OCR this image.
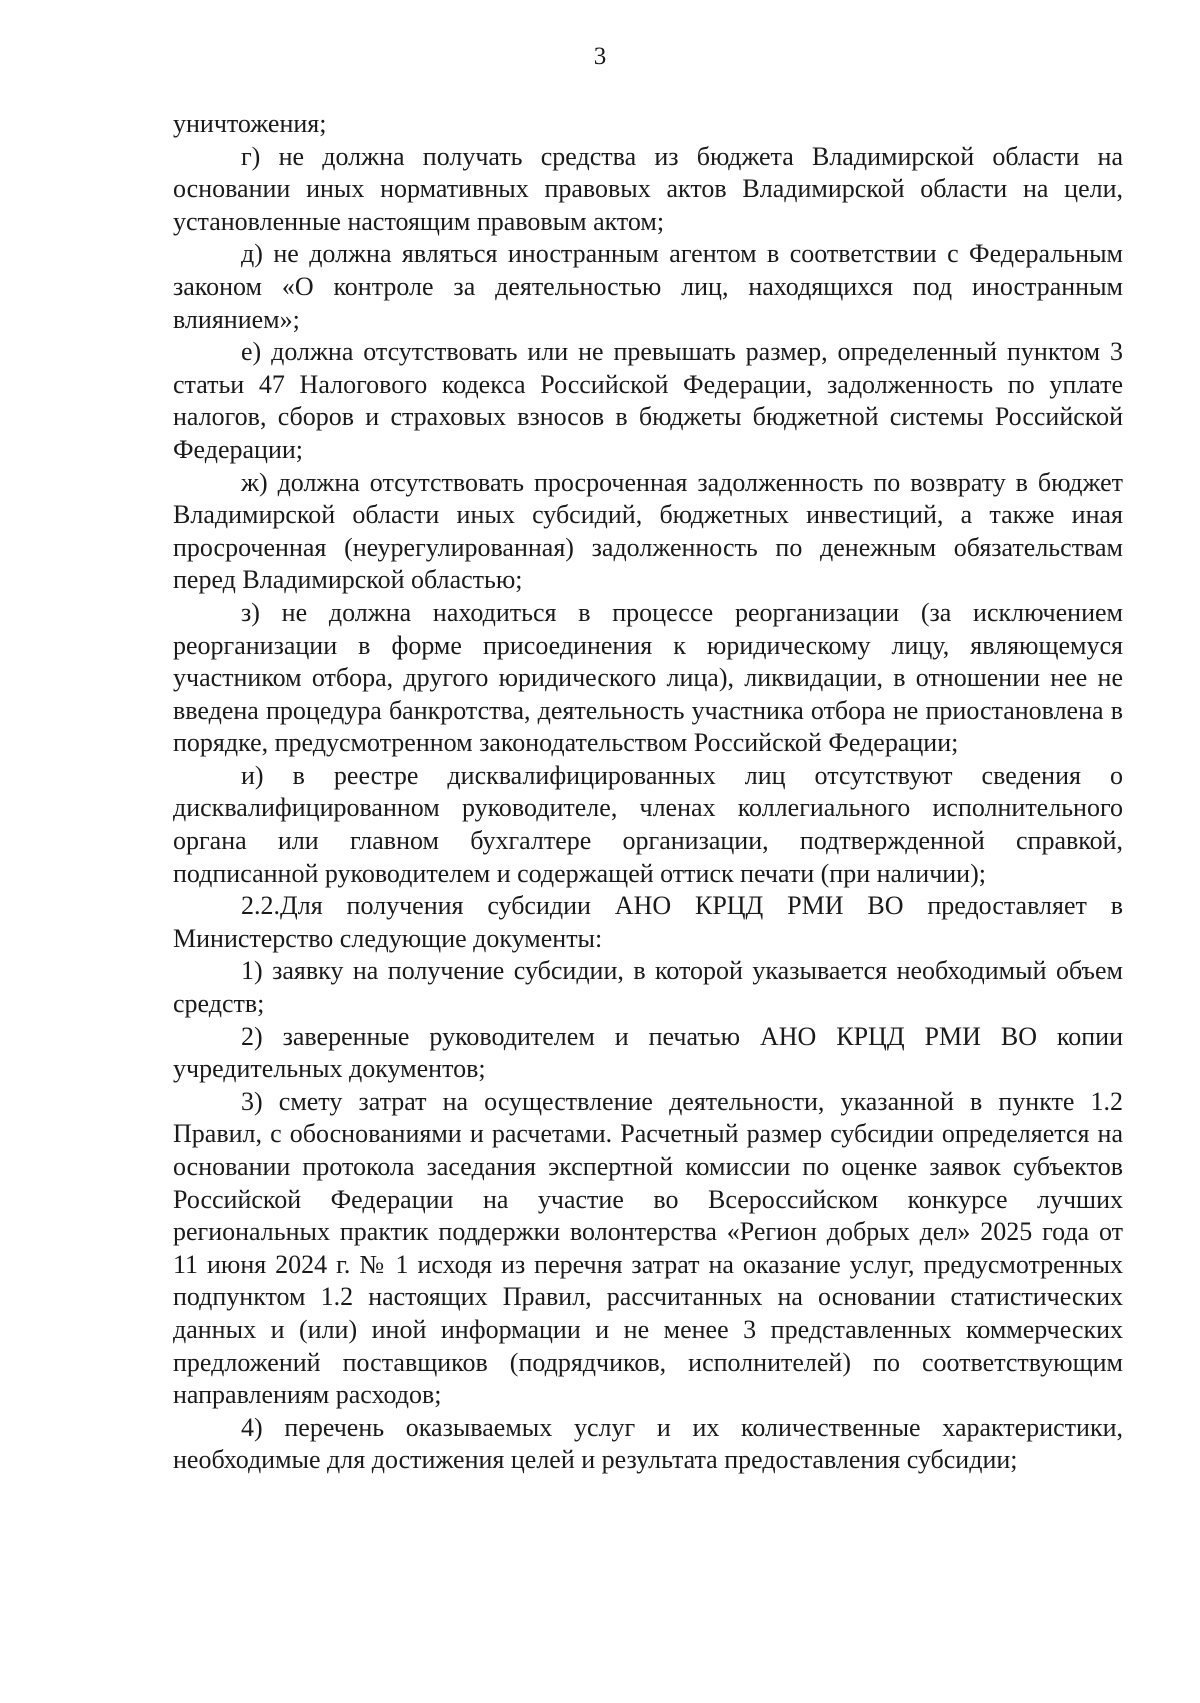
3

уничтожения;

г) не должна получать средства из бюджета Владимирской области на основании иных нормативных правовых актов Владимирской области на цели, установленные настоящим правовым актом;

д) не должна являться иностранным агентом в соответствии с Федеральным законом «О контроле за деятельностью лиц, находящихся под иностранным влиянием»;

е) должна отсутствовать или не превышать размер, определенный пунктом 3 статьи 47 Налогового кодекса Российской Федерации, задолженность по уплате налогов, сборов и страховых взносов в бюджеты бюджетной системы Российской Федерации;

ж) должна отсутствовать просроченная задолженность по возврату в бюджет Владимирской области иных субсидий, бюджетных инвестиций, а также иная просроченная (неурегулированная) задолженность по денежным обязательствам перед Владимирской областью;

з) не должна находиться в процессе реорганизации (за исключением реорганизации в форме присоединения к юридическому лицу, являющемуся участником отбора, другого юридического лица), ликвидации, в отношении нее не введена процедура банкротства, деятельность участника отбора не приостановлена в порядке, предусмотренном законодательством Российской Федерации;

и) в реестре дисквалифицированных лиц отсутствуют сведения о дисквалифицированном руководителе, членах коллегиального исполнительного органа или главном бухгалтере организации, подтвержденной справкой, подписанной руководителем и содержащей оттиск печати (при наличии);

2.2.Для получения субсидии АНО КРЦД РМИ ВО предоставляет в Министерство следующие документы:

1) заявку на получение субсидии, в которой указывается необходимый объем средств;

2) заверенные руководителем и печатью АНО КРЦД РМИ ВО копии учредительных документов;

3) смету затрат на осуществление деятельности, указанной в пункте 1.2 Правил, с обоснованиями и расчетами. Расчетный размер субсидии определяется на основании протокола заседания экспертной комиссии по оценке заявок субъектов Российской Федерации на участие во Всероссийском конкурсе лучших региональных практик поддержки волонтерства «Регион добрых дел» 2025 года от 11 июня 2024 г. № 1 исходя из перечня затрат на оказание услуг, предусмотренных подпунктом 1.2 настоящих Правил, рассчитанных на основании статистических данных и (или) иной информации и не менее 3 представленных коммерческих предложений поставщиков (подрядчиков, исполнителей) по соответствующим направлениям расходов;

4) перечень оказываемых услуг и их количественные характеристики, необходимые для достижения целей и результата предоставления субсидии;
